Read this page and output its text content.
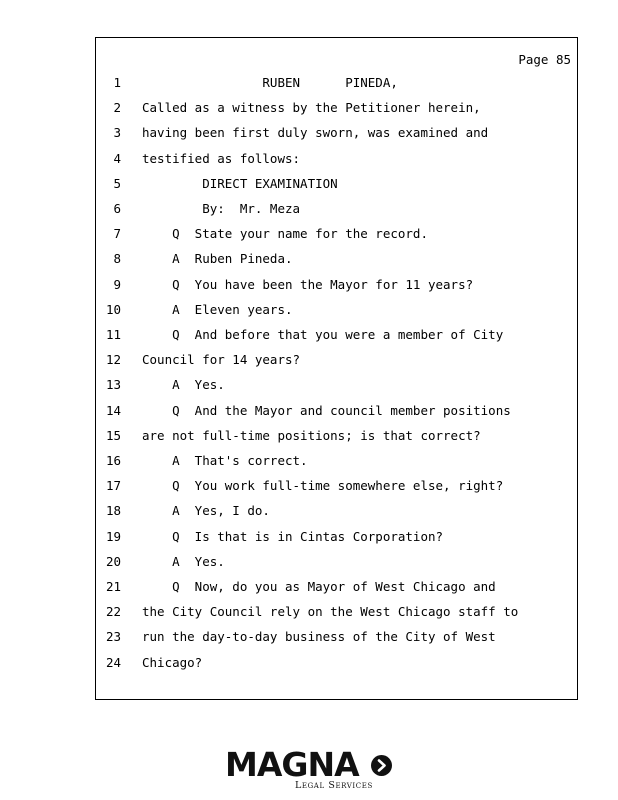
Page 85
1 RUBEN      PINEDA,
2 Called as a witness by the Petitioner herein,
3 having been first duly sworn, was examined and
4 testified as follows:
5 DIRECT EXAMINATION
6 By:  Mr. Meza
7 Q  State your name for the record.
8 A  Ruben Pineda.
9 Q  You have been the Mayor for 11 years?
10 A  Eleven years.
11 Q  And before that you were a member of City
12 Council for 14 years?
13 A  Yes.
14 Q  And the Mayor and council member positions
15 are not full-time positions; is that correct?
16 A  That's correct.
17 Q  You work full-time somewhere else, right?
18 A  Yes, I do.
19 Q  Is that is in Cintas Corporation?
20 A  Yes.
21 Q  Now, do you as Mayor of West Chicago and
22 the City Council rely on the West Chicago staff to
23 run the day-to-day business of the City of West
24 Chicago?
MAGNA
Legal Services
